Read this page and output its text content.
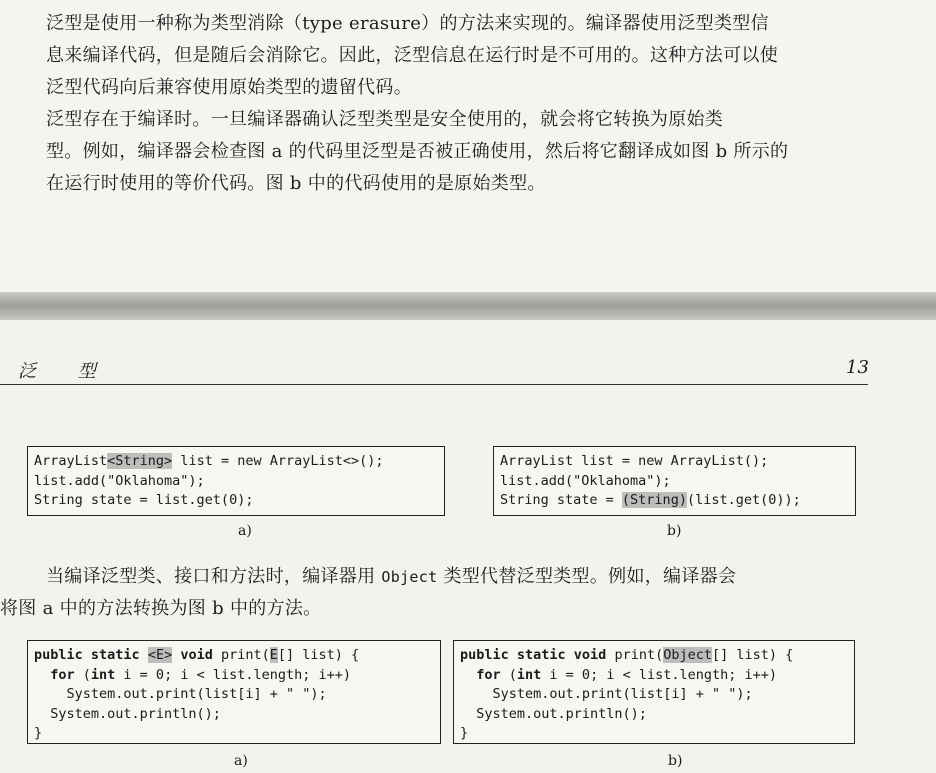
泛型是使用一种称为类型消除（type erasure）的方法来实现的。编译器使用泛型类型信
息来编译代码，但是随后会消除它。因此，泛型信息在运行时是不可用的。这种方法可以使
泛型代码向后兼容使用原始类型的遗留代码。

泛型存在于编译时。一旦编译器确认泛型类型是安全使用的，就会将它转换为原始类
型。例如，编译器会检查图 a 的代码里泛型是否被正确使用，然后将它翻译成如图 b 所示的
在运行时使用的等价代码。图 b 中的代码使用的是原始类型。

泛 型	13
ArrayList<String> list = new ArrayList<>();
list.add("Oklahoma");
String state = list.get(0);
a)
ArrayList list = new ArrayList();
list.add("Oklahoma");
String state = (String)(list.get(0));
b)

当编译泛型类、接口和方法时，编译器用 Object 类型代替泛型类型。例如，编译器会

将图 a 中的方法转换为图 b 中的方法。

public static <E> void print(E[] list) {
for (int i = 0; i < list.length; i++)
System.out.print(list[i] + " ");
System.out.println();
}
a)
public static void print(Object[] list) {
for (int i = 0; i < list.length; i++)
System.out.print(list[i] + " ");
System.out.println();
}
b)
